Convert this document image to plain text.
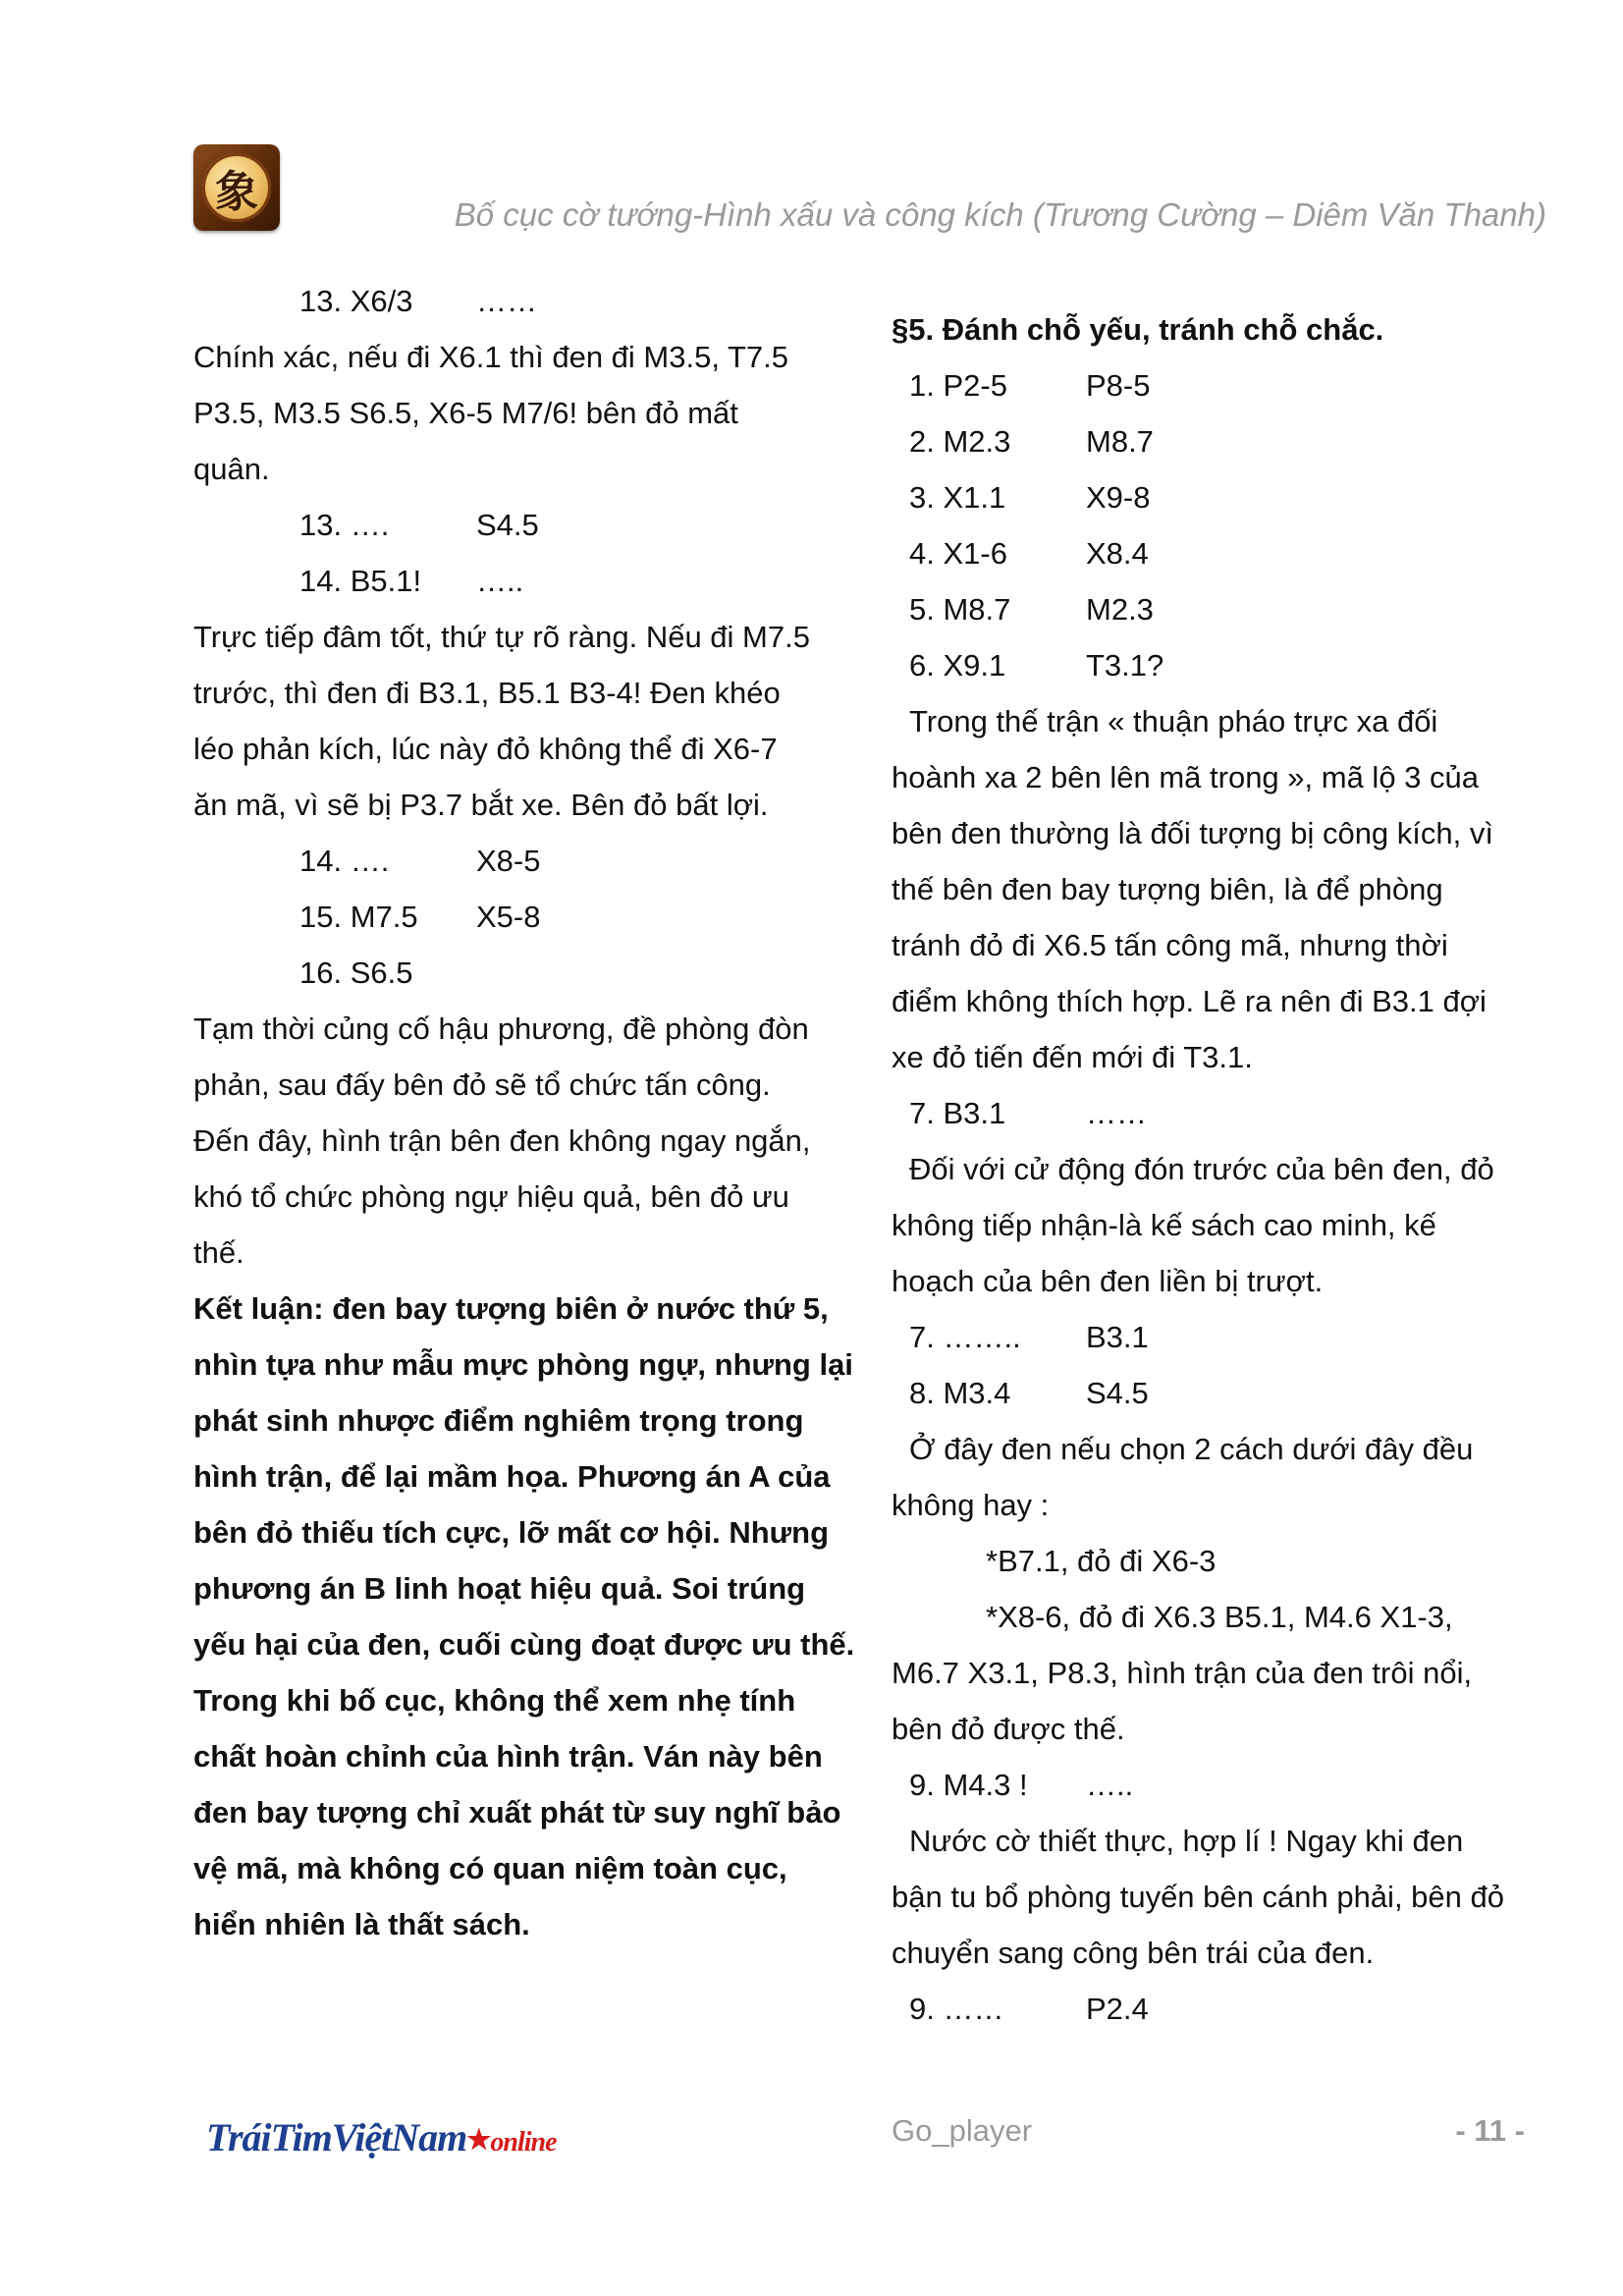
象	Bố cục cờ tướng-Hình xấu và công kích (Trương Cường – Diêm Văn Thanh)
13. X6/3 ……
Chính xác, nếu đi X6.1 thì đen đi M3.5, T7.5
P3.5, M3.5 S6.5, X6-5 M7/6! bên đỏ mất
quân.
13. ….	S4.5
14. B5.1! …..
Trực tiếp đâm tốt, thứ tự rõ ràng. Nếu đi M7.5
trước, thì đen đi B3.1, B5.1 B3-4! Đen khéo
léo phản kích, lúc này đỏ không thể đi X6-7
ăn mã, vì sẽ bị P3.7 bắt xe. Bên đỏ bất lợi.
14. ….	X8-5
15. M7.5 X5-8
16. S6.5
Tạm thời củng cố hậu phương, đề phòng đòn
phản, sau đấy bên đỏ sẽ tổ chức tấn công.
Đến đây, hình trận bên đen không ngay ngắn,
khó tổ chức phòng ngự hiệu quả, bên đỏ ưu
thế.
Kết luận: đen bay tượng biên ở nước thứ 5,
nhìn tựa như mẫu mực phòng ngự, nhưng lại
phát sinh nhược điểm nghiêm trọng trong
hình trận, để lại mầm họa. Phương án A của
bên đỏ thiếu tích cực, lỡ mất cơ hội. Nhưng
phương án B linh hoạt hiệu quả. Soi trúng
yếu hại của đen, cuối cùng đoạt được ưu thế.
Trong khi bố cục, không thể xem nhẹ tính
chất hoàn chỉnh của hình trận. Ván này bên
đen bay tượng chỉ xuất phát từ suy nghĩ bảo
vệ mã, mà không có quan niệm toàn cục,
hiển nhiên là thất sách.
§5. Đánh chỗ yếu, tránh chỗ chắc.
1. P2-5	P8-5
2. M2.3 M8.7
3. X1.1	X9-8
4. X1-6	X8.4
5. M8.7 M2.3
6. X9.1	T3.1?
Trong thế trận « thuận pháo trực xa đối
hoành xa 2 bên lên mã trong », mã lộ 3 của
bên đen thường là đối tượng bị công kích, vì
thế bên đen bay tượng biên, là để phòng
tránh đỏ đi X6.5 tấn công mã, nhưng thời
điểm không thích hợp. Lẽ ra nên đi B3.1 đợi
xe đỏ tiến đến mới đi T3.1.
7. B3.1	……
Đối với cử động đón trước của bên đen, đỏ
không tiếp nhận-là kế sách cao minh, kế
hoạch của bên đen liền bị trượt.
7. …….. B3.1
8. M3.4 S4.5
Ở đây đen nếu chọn 2 cách dưới đây đều
không hay :
*B7.1, đỏ đi X6-3
*X8-6, đỏ đi X6.3 B5.1, M4.6 X1-3,
M6.7 X3.1, P8.3, hình trận của đen trôi nổi,
bên đỏ được thế.
9. M4.3 ! …..
Nước cờ thiết thực, hợp lí ! Ngay khi đen
bận tu bổ phòng tuyến bên cánh phải, bên đỏ
chuyển sang công bên trái của đen.
9. ……	P2.4
TráiTimViệtNam★online	Go_player	- 11 -
